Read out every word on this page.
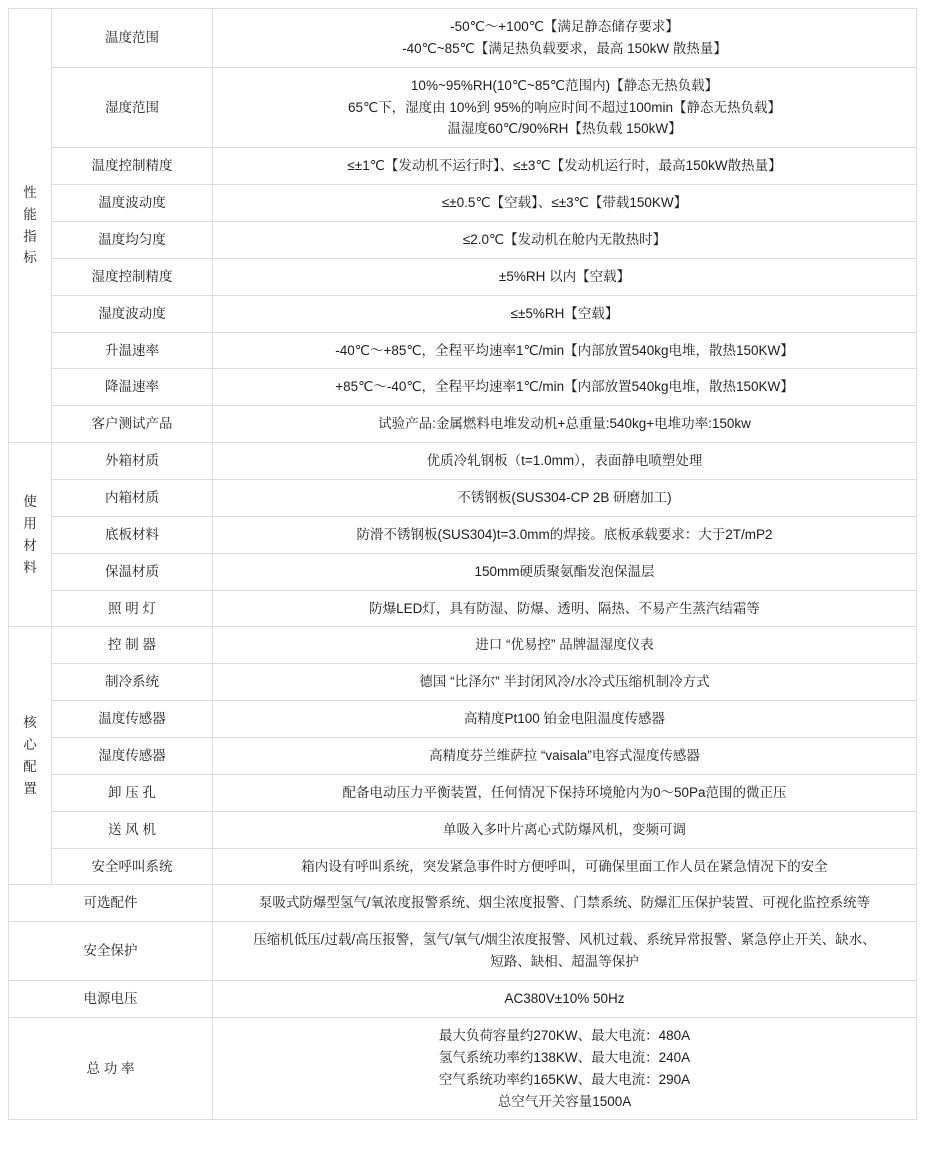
性能指标	温度范围	-50℃～+100℃【满足静态储存要求】
-40℃~85℃【满足热负载要求，最高 150kW 散热量】

	湿度范围	10%~95%RH(10℃~85℃范围内)【静态无热负载】
65℃下，湿度由 10%到 95%的响应时间不超过100min【静态无热负载】
温湿度60℃/90%RH【热负载 150kW】

	温度控制精度	≤±1℃【发动机不运行时】、≤±3℃【发动机运行时，最高150kW散热量】

	温度波动度	≤±0.5℃【空载】、≤±3℃【带载150KW】

	温度均匀度	≤2.0℃【发动机在舱内无散热时】

	湿度控制精度	±5%RH 以内【空载】

	湿度波动度	≤±5%RH【空载】

	升温速率	-40℃～+85℃，全程平均速率1℃/min【内部放置540kg电堆，散热150KW】

	降温速率	+85℃～-40℃，全程平均速率1℃/min【内部放置540kg电堆，散热150KW】

	客户测试产品	试验产品:金属燃料电堆发动机+总重量:540kg+电堆功率:150kw

使用材料	外箱材质	优质冷轧钢板（t=1.0mm），表面静电喷塑处理

	内箱材质	不锈钢板(SUS304-CP 2B 研磨加工)

	底板材料	防滑不锈钢板(SUS304)t=3.0mm的焊接。底板承载要求：大于2T/mP2

	保温材质	150mm硬质聚氨酯发泡保温层

	照 明 灯	防爆LED灯，具有防湿、防爆、透明、隔热、不易产生蒸汽结霜等

核心配置	控 制 器	进口 “优易控” 品牌温湿度仪表

	制冷系统	德国 “比泽尔” 半封闭风冷/水冷式压缩机制冷方式

	温度传感器	高精度Pt100 铂金电阻温度传感器

	湿度传感器	高精度芬兰维萨拉 “vaisala”电容式湿度传感器

	卸 压 孔	配备电动压力平衡装置，任何情况下保持环境舱内为0～50Pa范围的微正压

	送 风 机	单吸入多叶片离心式防爆风机，变频可调

	安全呼叫系统	箱内设有呼叫系统，突发紧急事件时方便呼叫，可确保里面工作人员在紧急情况下的安全

可选配件		泵吸式防爆型氢气/氧浓度报警系统、烟尘浓度报警、门禁系统、防爆汇压保护装置、可视化监控系统等

安全保护		压缩机低压/过载/高压报警，氢气/氧气/烟尘浓度报警、风机过载、系统异常报警、紧急停止开关、缺水、
短路、缺相、超温等保护

电源电压		AC380V±10% 50Hz

总 功 率		最大负荷容量约270KW、最大电流：480A
氢气系统功率约138KW、最大电流：240A
空气系统功率约165KW、最大电流：290A
总空气开关容量1500A
